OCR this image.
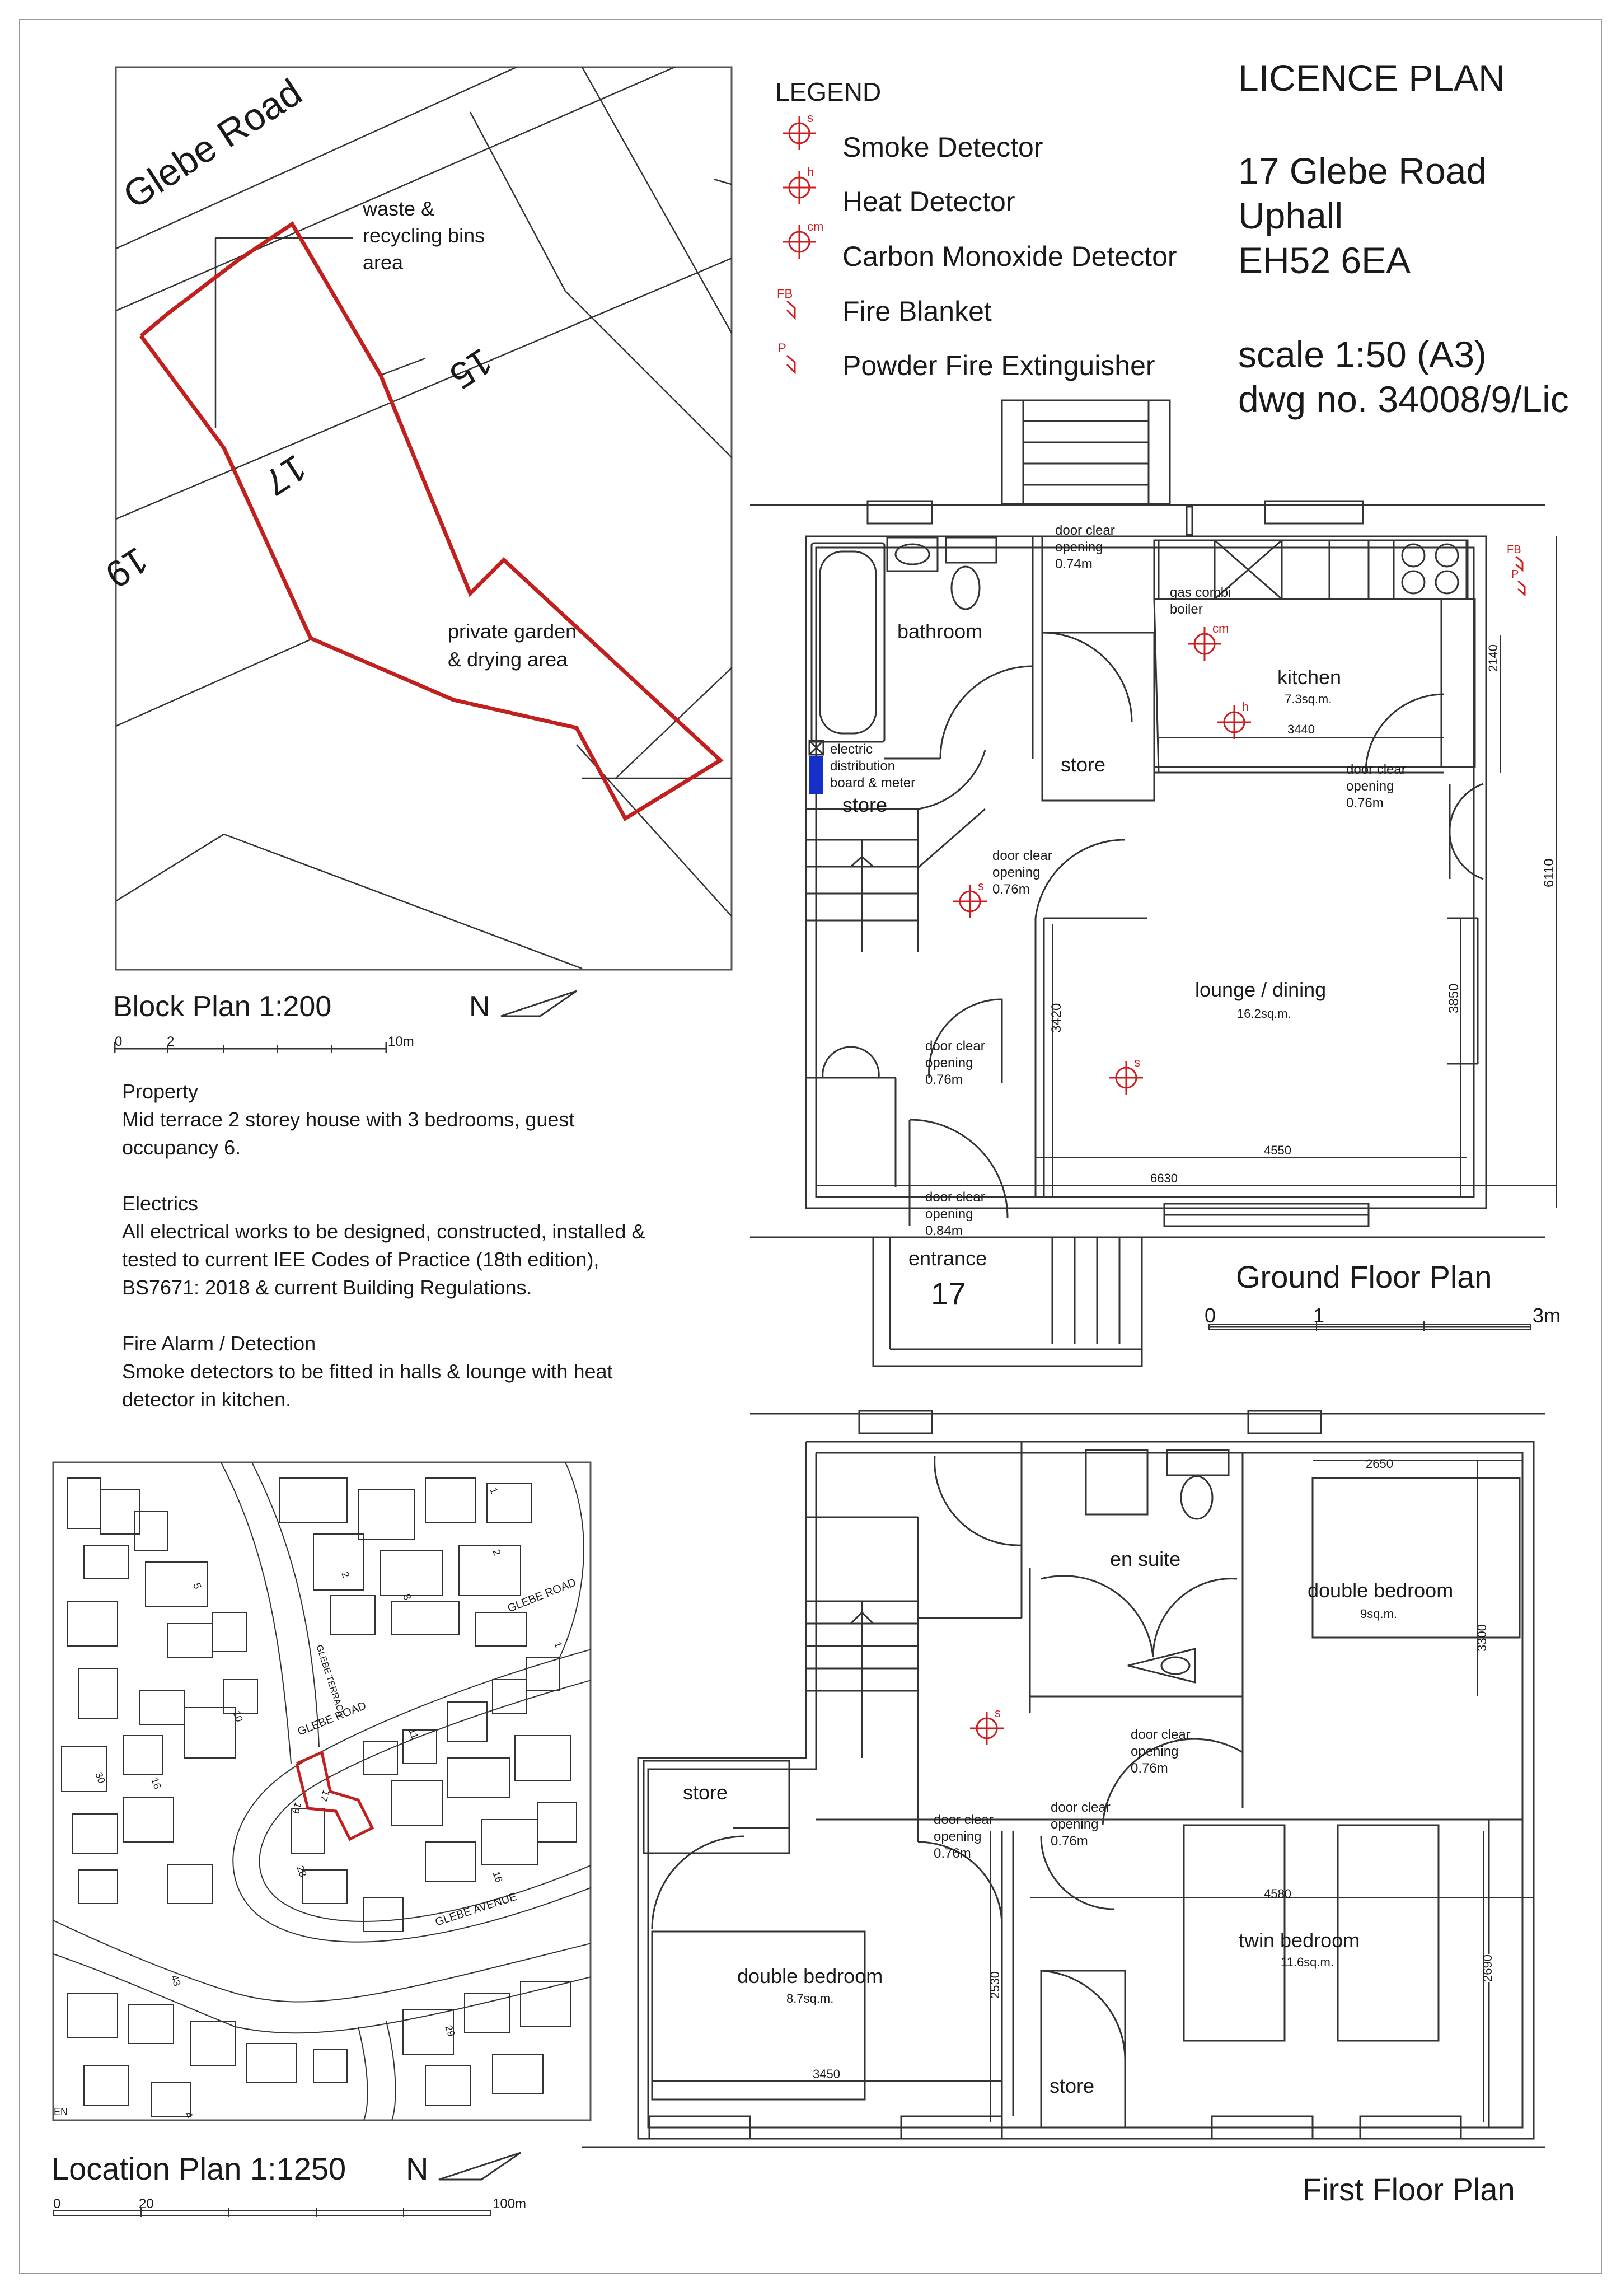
Glebe Road
15
17
19
waste &
recycling bins
area
private garden
& drying area
Block Plan 1:200	N
0	2	10m
LEGEND
s
h
cm
FB
P
Smoke Detector
Heat Detector
Carbon Monoxide Detector
Fire Blanket
Powder Fire Extinguisher
LICENCE PLAN
17 Glebe Road
Uphall
EH52 6EA
scale 1:50 (A3)
dwg no. 34008/9/Lic
cm
h
s
s
FB
P
bathroom
kitchen
7.3sq.m.
store
store
lounge / dining
16.2sq.m.
entrance
17
electric
distribution
board & meter
gas combi
boiler
door clear
opening
0.74m
door clear
opening
0.76m
door clear
opening
0.76m
door clear
opening
0.76m
door clear
opening
0.84m
2140
3440
6110
3850
3420
4550
6630
Ground Floor Plan
0	1	3m

Property

Mid terrace 2 storey house with 3 bedrooms, guest occupancy 6.

Electrics

All electrical works to be designed, constructed, installed & tested to current IEE Codes of Practice (18th edition), BS7671: 2018 & current Building Regulations.

Fire Alarm / Detection

Smoke detectors to be fitted in halls & lounge with heat detector in kitchen.

GLEBE ROAD
GLEBE ROAD
GLEBE TERRACE
GLEBE AVENUE
1
2
2
5
8
10
11
16
16
17
19
28
29
30
43
1
4
EN
Location Plan 1:1250 N
0	20	100m
s
en suite
double bedroom
9sq.m.
store
double bedroom
8.7sq.m.
twin bedroom
11.6sq.m.
store
door clear
opening
0.76m
door clear
opening
0.76m
door clear
opening
0.76m
2650
3300
4580
2690
2530
3450
First Floor Plan
